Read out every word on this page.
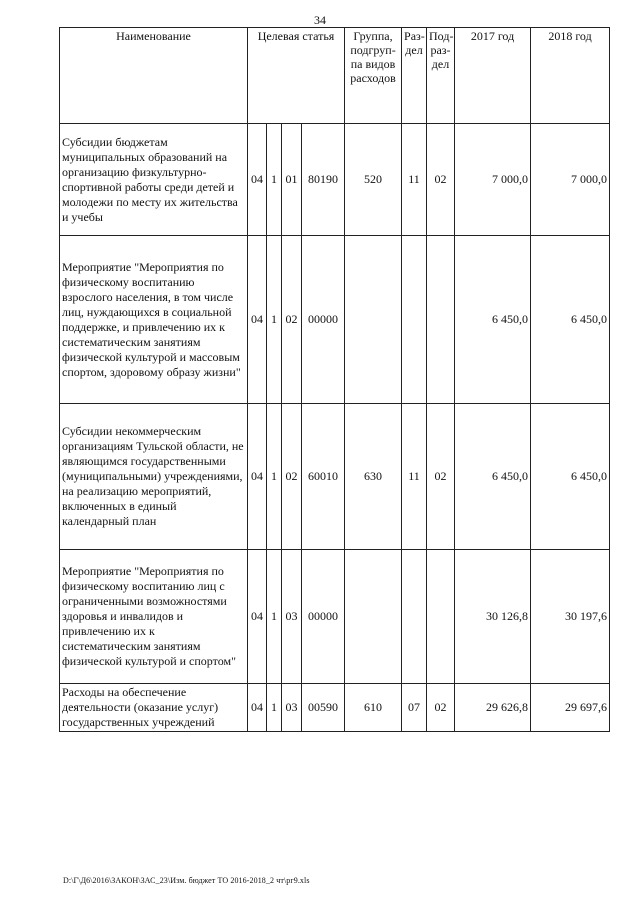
34
Наименование	Целевая статья				Группа, подгруп-па видов расходов	Раз-дел	Под-раз-дел	2017 год	2018 год
Субсидии бюджетам муниципальных образований на организацию физкультурно-спортивной работы среди детей и молодежи по месту их жительства и учебы	04	1	01	80190	520	11	02	7 000,0	7 000,0
Мероприятие "Мероприятия по физическому воспитанию взрослого населения, в том числе лиц, нуждающихся в социальной поддержке, и привлечению их к систематическим занятиям физической культурой и массовым спортом, здоровому образу жизни"	04	1	02	00000				6 450,0	6 450,0
Субсидии некоммерческим организациям Тульской области, не являющимся государственными (муниципальными) учреждениями, на реализацию мероприятий, включенных в единый календарный план	04	1	02	60010	630	11	02	6 450,0	6 450,0
Мероприятие "Мероприятия по физическому воспитанию лиц с ограниченными возможностями здоровья и инвалидов и привлечению их к систематическим занятиям физической культурой и спортом"	04	1	03	00000				30 126,8	30 197,6
Расходы на обеспечение деятельности (оказание услуг) государственных учреждений	04	1	03	00590	610	07	02	29 626,8	29 697,6
D:\Г\Д6\2016\ЗАКОН\ЗАС_23\Изм. бюджет ТО 2016-2018_2 чт\рг9.xls
